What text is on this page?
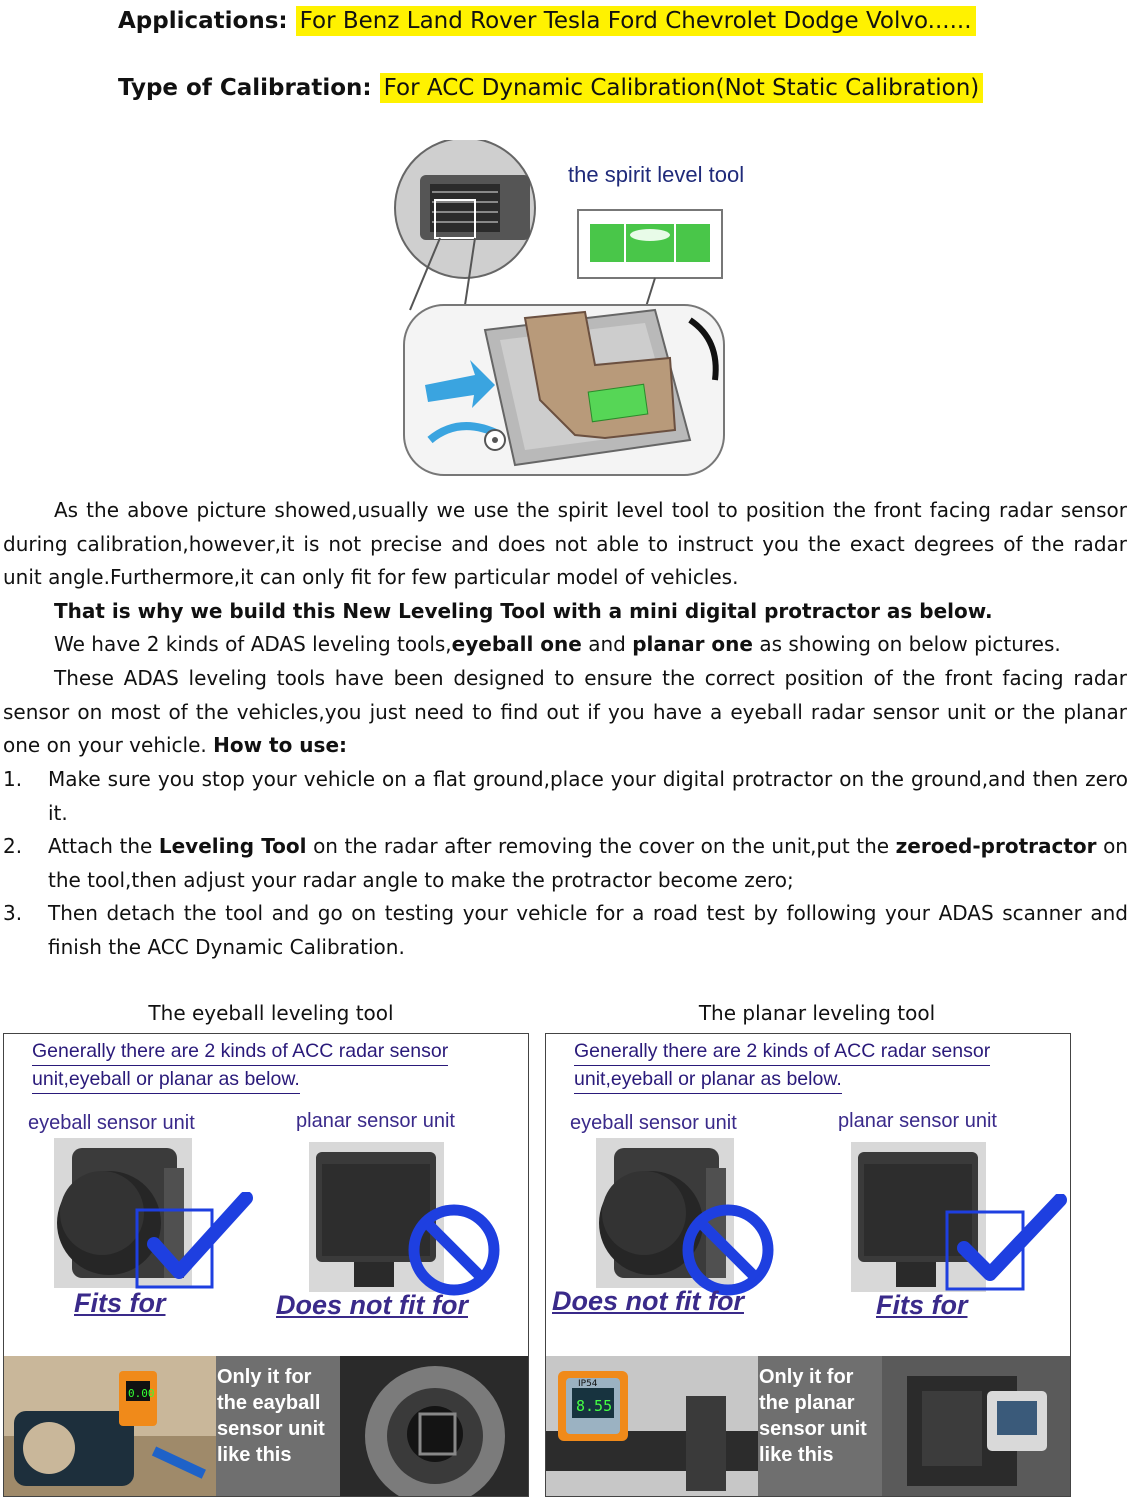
Applications: For Benz Land Rover Tesla Ford Chevrolet Dodge Volvo......
Type of Calibration: For ACC Dynamic Calibration(Not Static Calibration)
the spirit level tool

As the above picture showed,usually we use the spirit level tool to position the front facing radar sensor during calibration,however,it is not precise and does not able to instruct you the exact degrees of the radar unit angle.Furthermore,it can only fit for few particular model of vehicles.

That is why we build this New Leveling Tool with a mini digital protractor as below.
We have 2 kinds of ADAS leveling tools,eyeball one and planar one as showing on below pictures.

These ADAS leveling tools have been designed to ensure the correct position of the front facing radar sensor on most of the vehicles,you just need to find out if you have a eyeball radar sensor unit or the planar one on your vehicle. How to use:

1. Make sure you stop your vehicle on a flat ground,place your digital protractor on the ground,and then zero it.
2. Attach the Leveling Tool on the radar after removing the cover on the unit,put the zeroed-protractor on the tool,then adjust your radar angle to make the protractor become zero;
3. Then detach the tool and go on testing your vehicle for a road test by following your ADAS scanner and finish the ACC Dynamic Calibration.
The eyeball leveling tool	The planar leveling tool
Generally there are 2 kinds of ACC radar sensor
unit,eyeball or planar as below.
eyeball sensor unit	planar sensor unit
Fits for	Does not fit for
0.00
Only it for
the eayball
sensor unit
like this
Generally there are 2 kinds of ACC radar sensor
unit,eyeball or planar as below.
eyeball sensor unit	planar sensor unit
Does not fit for	Fits for
IP54
8.55
Only it for
the planar
sensor unit
like this
